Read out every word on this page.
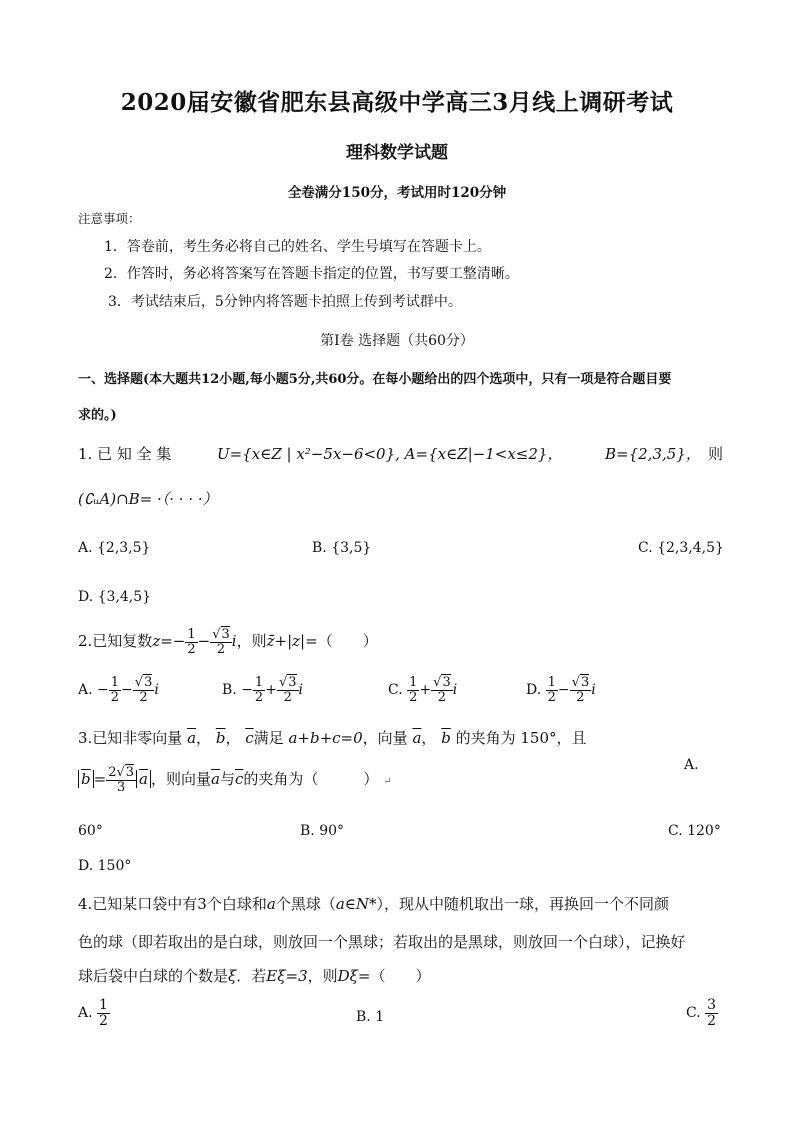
2020届安徽省肥东县高级中学高三3月线上调研考试
理科数学试题
全卷满分150分，考试用时120分钟
注意事项：
1．答卷前，考生务必将自己的姓名、学生号填写在答题卡上。
2．作答时，务必将答案写在答题卡指定的位置，书写要工整清晰。
3．考试结束后，5分钟内将答题卡拍照上传到考试群中。
第Ⅰ卷 选择题（共60分）
一、选择题(本大题共12小题,每小题5分,共60分。在每小题给出的四个选项中，只有一项是符合题目要
求的。)
1. 已 知 全 集	U={x∈Z | x²−5x−6<0}, A={x∈Z|−1<x≤2}，	B={2,3,5}， 则
(∁ᵤA)∩B= ·（· · · ·）
A. {2,3,5}	B. {3,5}	C. {2,3,4,5}
D. {3,4,5}
2.已知复数$z=- \frac{1}{2} - \frac{√3}{2}$ i，则z̄+|z|=（　　）
A. − $\frac{1}{2} - \frac{√3}{2}$ i	B. − $\frac{1}{2} + \frac{√3}{2}$ i	C. $\frac{1}{2} + \frac{√3}{2}$ i	D. $\frac{1}{2} - \frac{√3}{2}$ i
3.已知非零向量 $\overline{a}$， $\overline{b}$， $\overline{c}$满足 a+b+c=0，向量 $\overline{a}$， $\overline{b}$ 的夹角为 150°，且
$\overline{b} = \frac{2√3}{3} \overline{a}$ ，则向量$\overline{a}$与$\overline{c}$的夹角为（　　　） ↵
A.
60°	B. 90°	C. 120°
D. 150°
4.已知某口袋中有3个白球和a个黑球（a∈N*），现从中随机取出一球，再换回一个不同颜
色的球（即若取出的是白球，则放回一个黑球；若取出的是黑球，则放回一个白球），记换好
球后袋中白球的个数是ξ．若Eξ=3，则Dξ=（　　）
A. $\frac{1}{2}$	B. 1	C. $\frac{3}{2}$
